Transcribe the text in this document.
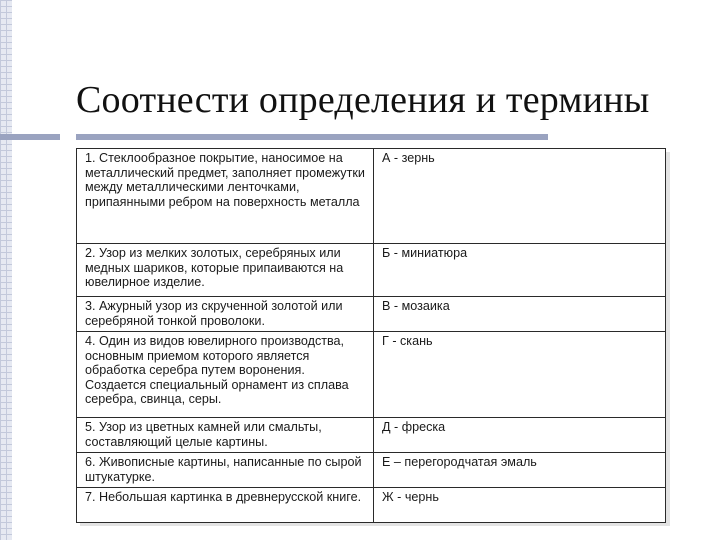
Соотнести определения и термины
1. Стеклообразное покрытие, наносимое на металлический предмет, заполняет промежутки между металлическими ленточками, припаянными ребром на поверхность металла	А - зернь
2. Узор из мелких золотых, серебряных или медных шариков, которые припаиваются на ювелирное изделие.	Б - миниатюра
3. Ажурный узор из скрученной золотой или серебряной тонкой проволоки.	В - мозаика
4. Один из видов ювелирного производства, основным приемом которого является обработка серебра путем воронения. Создается специальный орнамент из сплава серебра, свинца, серы.	Г - скань
5. Узор из цветных камней или смальты, составляющий целые картины.	Д - фреска
6. Живописные картины, написанные по сырой штукатурке.	Е – перегородчатая эмаль
7. Небольшая картинка в древнерусской книге.	Ж - чернь
